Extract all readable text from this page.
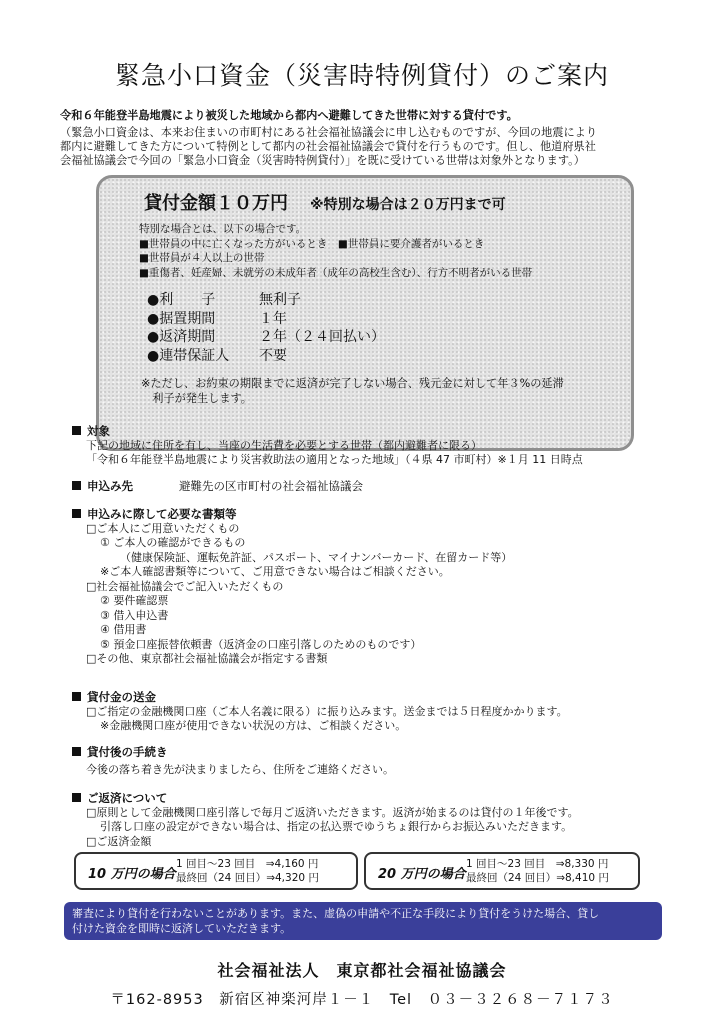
緊急小口資金（災害時特例貸付）のご案内
令和６年能登半島地震により被災した地域から都内へ避難してきた世帯に対する貸付です。
（緊急小口資金は、本来お住まいの市町村にある社会福祉協議会に申し込むものですが、今回の地震により
都内に避難してきた方について特例として都内の社会福祉協議会で貸付を行うものです。但し、他道府県社
会福祉協議会で今回の「緊急小口資金（災害時特例貸付）」を既に受けている世帯は対象外となります。）
貸付金額１０万円 ※特別な場合は２０万円まで可
特別な場合とは、以下の場合です。
■世帯員の中に亡くなった方がいるとき　■世帯員に要介護者がいるとき
■世帯員が４人以上の世帯
■重傷者、妊産婦、未就労の未成年者（成年の高校生含む）、行方不明者がいる世帯
●利　　子	無利子
●据置期間	１年
●返済期間	２年（２４回払い）
●連帯保証人 不要
※ただし、お約束の期限までに返済が完了しない場合、残元金に対して年３%の延滞
　利子が発生します。
対象
下記の地域に住所を有し、当座の生活費を必要とする世帯（都内避難者に限る）
「令和６年能登半島地震により災害救助法の適用となった地域」（４県 47 市町村）※１月 11 日時点
申込み先	避難先の区市町村の社会福祉協議会
申込みに際して必要な書類等
□ご本人にご用意いただくもの
① ご本人の確認ができるもの
（健康保険証、運転免許証、パスポート、マイナンバーカード、在留カード等）
※ご本人確認書類等について、ご用意できない場合はご相談ください。
□社会福祉協議会でご記入いただくもの
② 要件確認票
③ 借入申込書
④ 借用書
⑤ 預金口座振替依頼書（返済金の口座引落しのためのものです）
□その他、東京都社会福祉協議会が指定する書類
貸付金の送金
□ご指定の金融機関口座（ご本人名義に限る）に振り込みます。送金までは５日程度かかります。
※金融機関口座が使用できない状況の方は、ご相談ください。
貸付後の手続き
今後の落ち着き先が決まりましたら、住所をご連絡ください。
ご返済について
□原則として金融機関口座引落しで毎月ご返済いただきます。返済が始まるのは貸付の１年後です。
引落し口座の設定ができない場合は、指定の払込票でゆうちょ銀行からお振込みいただきます。
□ご返済金額
10 万円の場合
1 回目～23 回目　⇒4,160 円
最終回（24 回目）⇒4,320 円	20 万円の場合
1 回目～23 回目　⇒8,330 円
最終回（24 回目）⇒8,410 円
審査により貸付を行わないことがあります。また、虚偽の申請や不正な手段により貸付をうけた場合、貸し
付けた資金を即時に返済していただきます。
社会福祉法人　東京都社会福祉協議会
〒162-8953　新宿区神楽河岸１－１　Tel　０３－３２６８－７１７３
